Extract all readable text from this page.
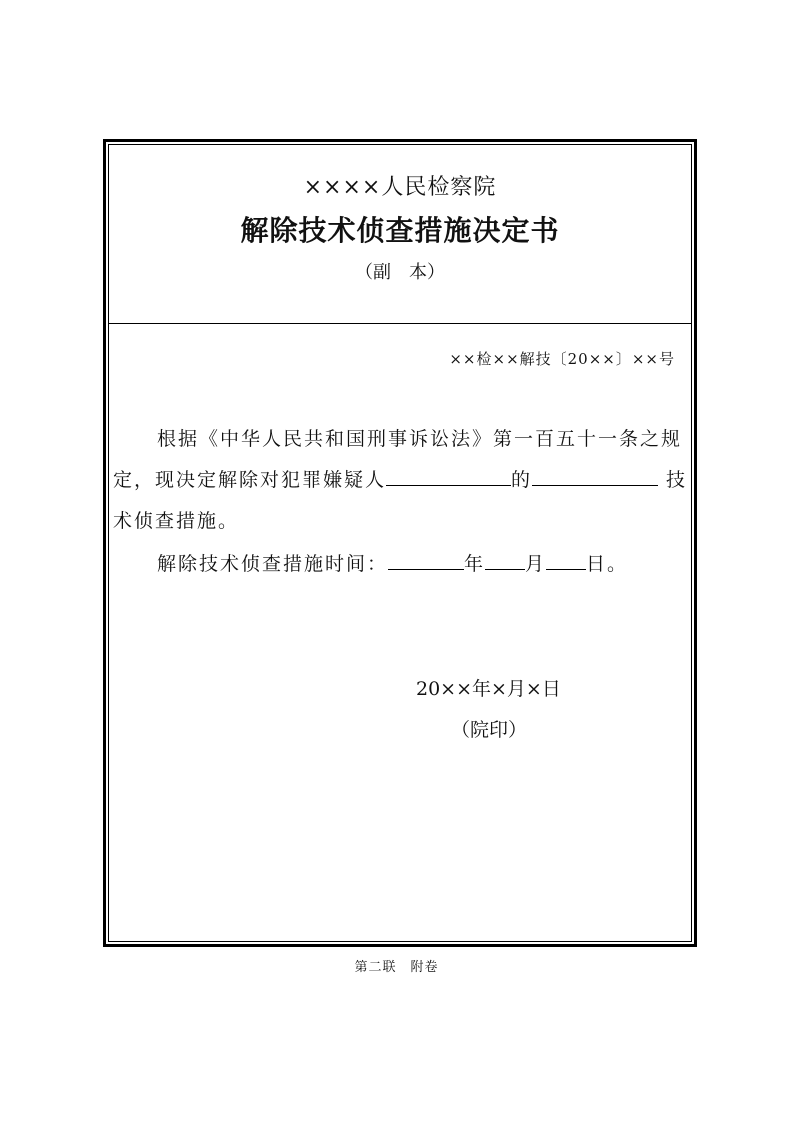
××××人民检察院
解除技术侦查措施决定书
（副　本）
××检××解技〔20××〕××号
根据《中华人民共和国刑事诉讼法》第一百五十一条之规
定，现决定解除对犯罪嫌疑人	的	技
术侦查措施。
解除技术侦查措施时间：	年 月 日。
20××年×月×日
（院印）
第二联　附卷
